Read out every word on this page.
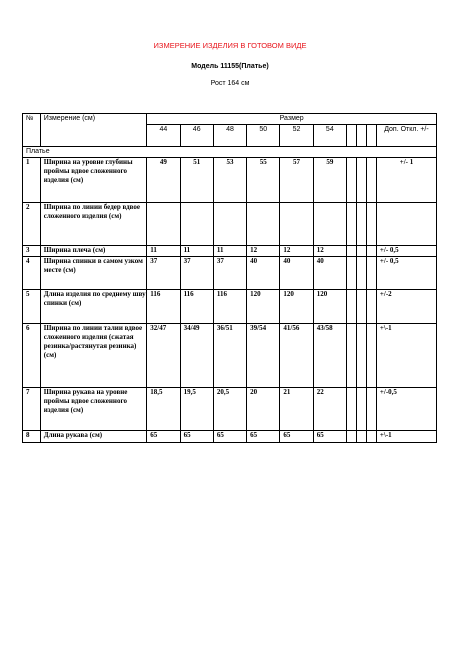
ИЗМЕРЕНИЕ ИЗДЕЛИЯ В ГОТОВОМ ВИДЕ
Модель 11155(Платье)
Рост 164 см
№	Измерение (см)	Размер									
		44	46	48	50	52	54				Доп. Откл. +/-
Платье											
1	Ширина на уровне глубины проймы вдвое сложенного изделия (см)	49	51	53	55	57	59				+/- 1
2	Ширина по линии бедер вдвое сложенного изделия (см)										
3	Ширина плеча (см)	11	11	11	12	12	12				+/- 0,5
4	Ширина спинки в самом узком месте (см)	37	37	37	40	40	40				+/- 0,5
5	Длина изделия по среднему шву спинки (см)	116	116	116	120	120	120				+/-2
6	Ширина по линии талии вдвое сложенного изделия (сжатая резинка/растянутая резинка)(см)	32/47	34/49	36/51	39/54	41/56	43/58				+\-1
7	Ширина рукава на уровне проймы вдвое сложенного изделия (см)	18,5	19,5	20,5	20	21	22				+/-0,5
8	Длина рукава (см)	65	65	65	65	65	65				+\-1
